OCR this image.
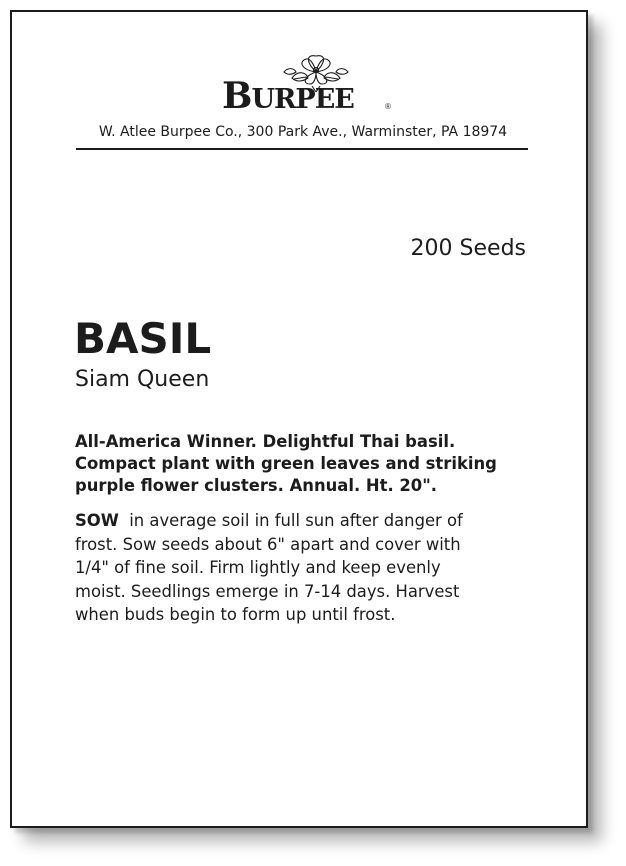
BURPEE	®
W. Atlee Burpee Co., 300 Park Ave., Warminster, PA 18974
200 Seeds
BASIL
Siam Queen
All-America Winner. Delightful Thai basil.
Compact plant with green leaves and striking
purple flower clusters. Annual. Ht. 20".
SOW  in average soil in full sun after danger of
frost. Sow seeds about 6" apart and cover with
1/4" of fine soil. Firm lightly and keep evenly
moist. Seedlings emerge in 7-14 days. Harvest
when buds begin to form up until frost.
